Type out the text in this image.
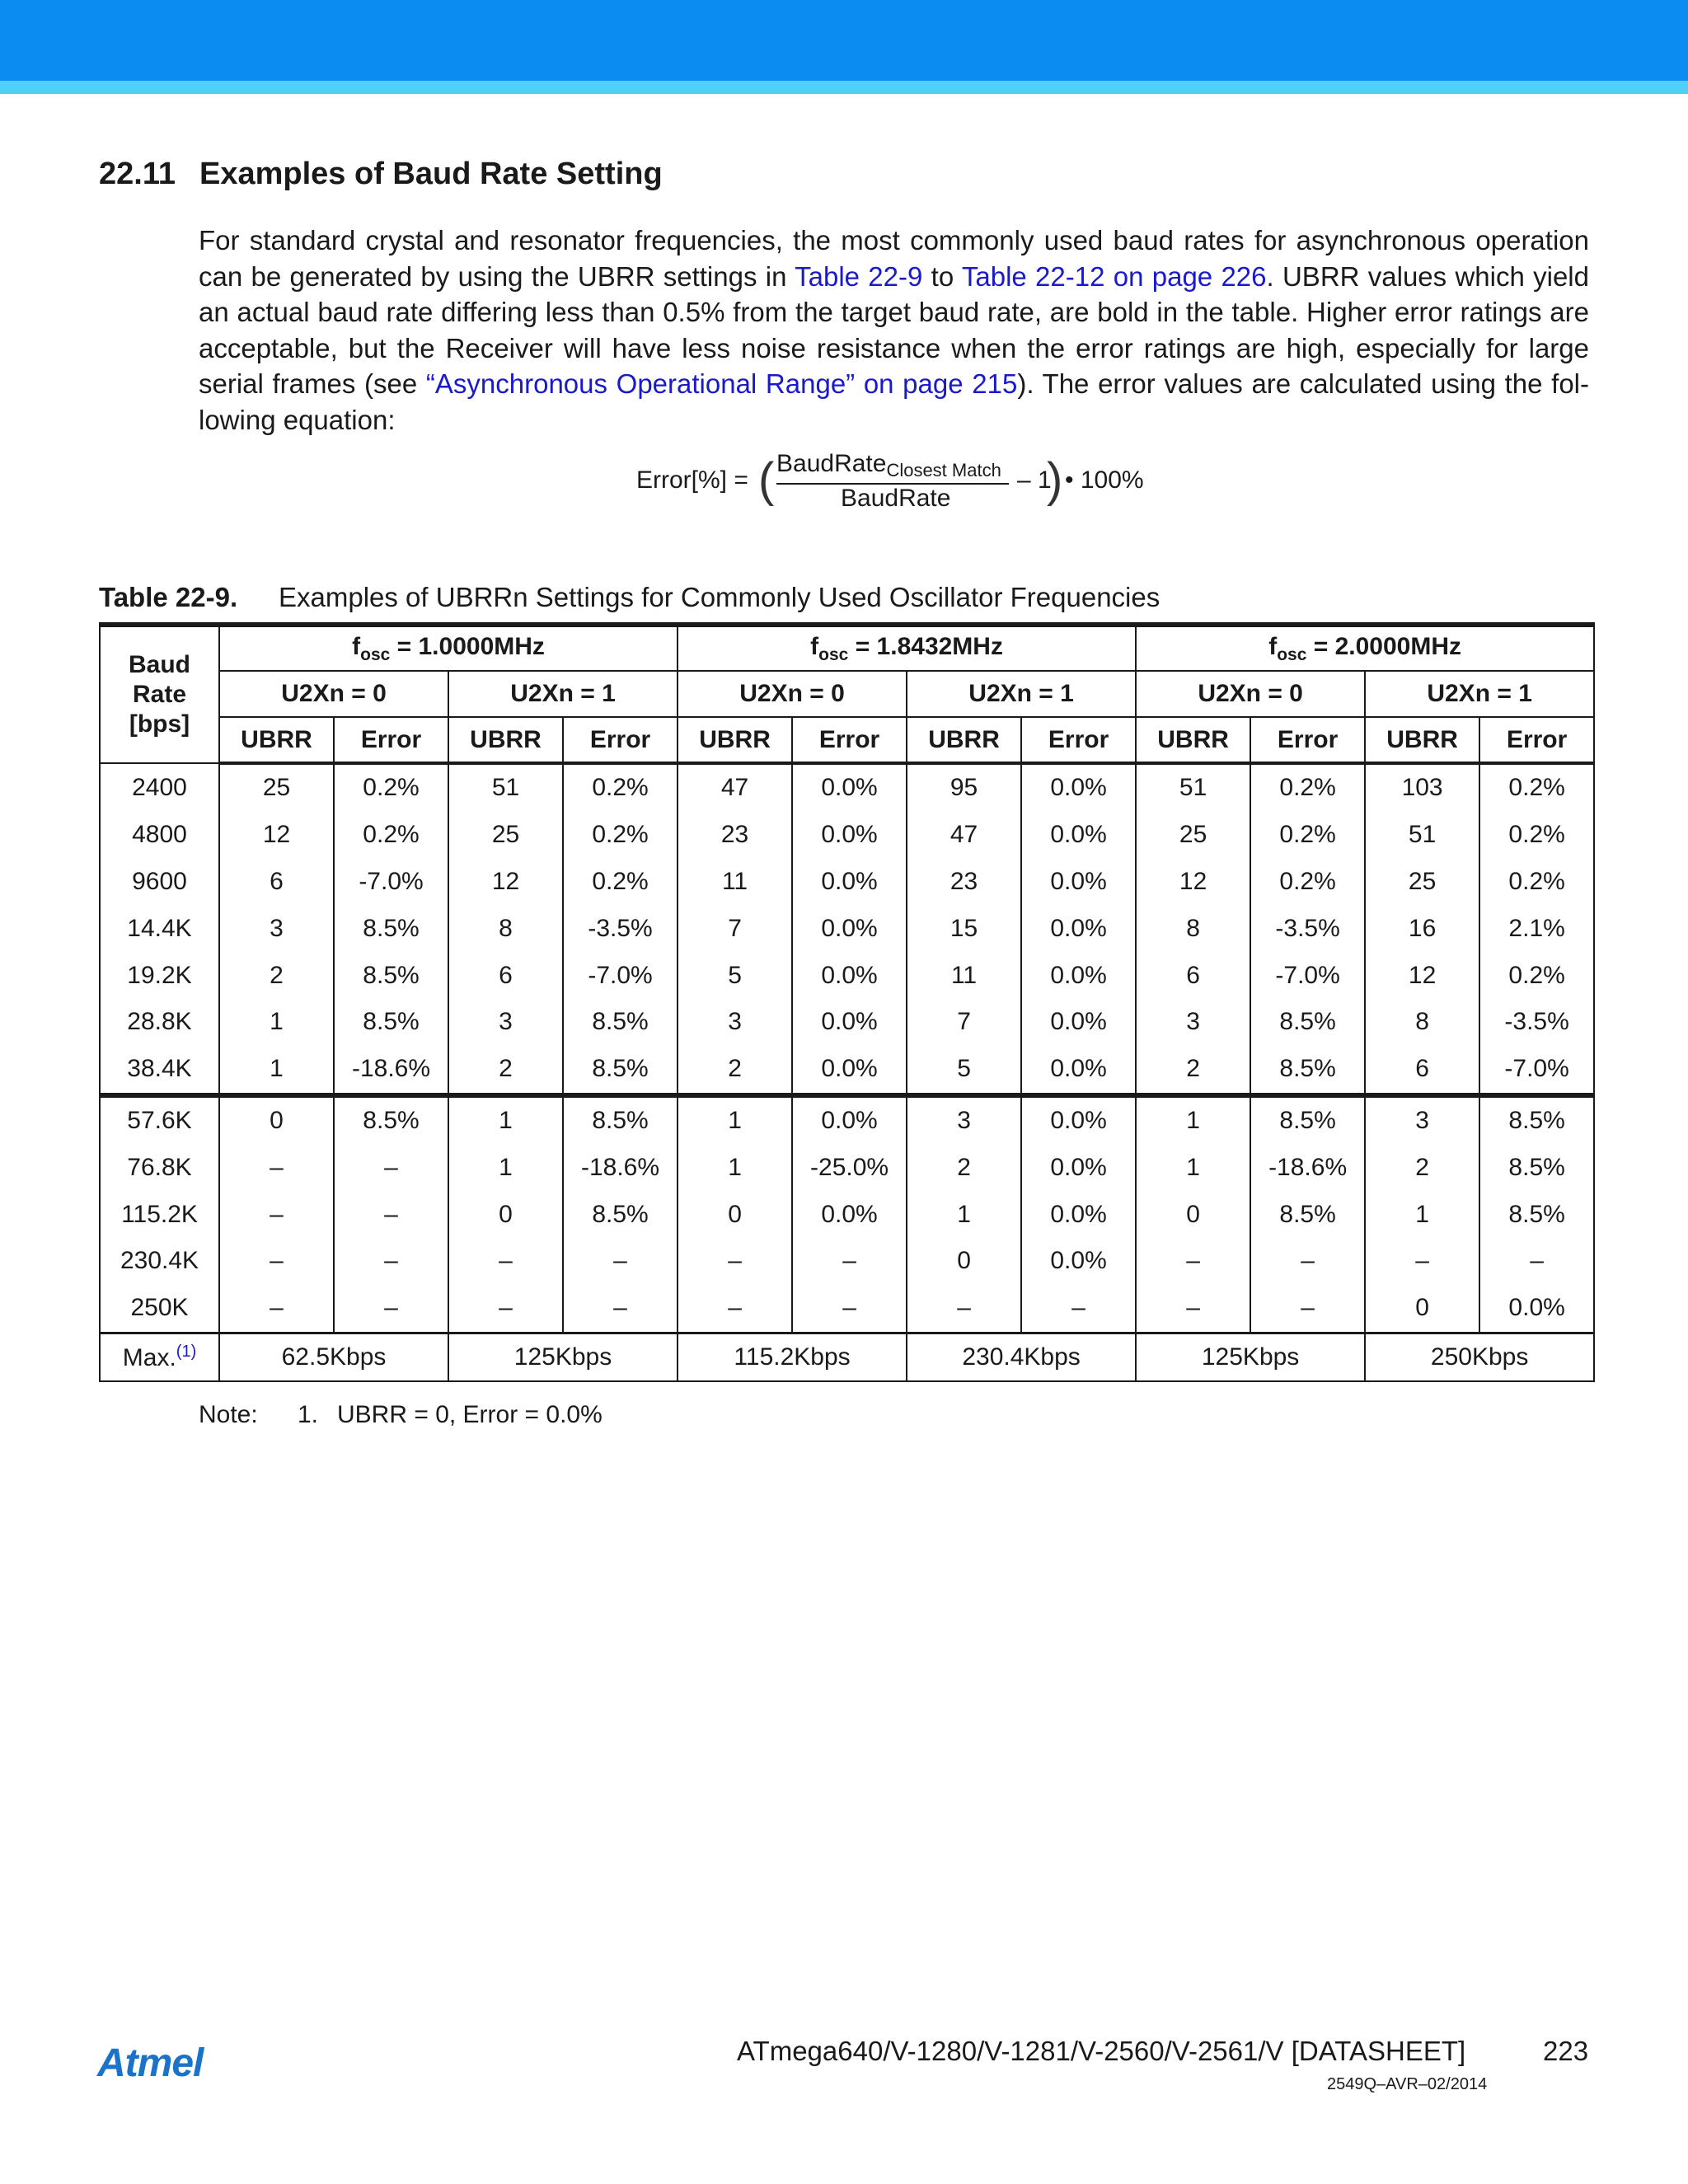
22.11 Examples of Baud Rate Setting
For standard crystal and resonator frequencies, the most commonly used baud rates for asynchronous operation can be generated by using the UBRR settings in Table 22-9 to Table 22-12 on page 226. UBRR values which yield an actual baud rate differing less than 0.5% from the target baud rate, are bold in the table. Higher error ratings are acceptable, but the Receiver will have less noise resistance when the error ratings are high, especially for large serial frames (see “Asynchronous Operational Range” on page 215). The error values are calculated using the fol-lowing equation:
Error[%] = ( BaudRate$_{Closest Match}$
BaudRate
– 1
) • 100%
Table 22-9. Examples of UBRRn Settings for Commonly Used Oscillator Frequencies
Baud
Rate
[bps]	$f_{osc} = 1.0000MHz$				$f_{osc} = 1.8432MHz$				$f_{osc} = 2.0000MHz$			
	U2Xn = 0		U2Xn = 1		U2Xn = 0		U2Xn = 1		U2Xn = 0		U2Xn = 1	
	UBRR	Error	UBRR	Error	UBRR	Error	UBRR	Error	UBRR	Error	UBRR	Error
2400	25	0.2%	51	0.2%	47	0.0%	95	0.0%	51	0.2%	103	0.2%
4800	12	0.2%	25	0.2%	23	0.0%	47	0.0%	25	0.2%	51	0.2%
9600	6	-7.0%	12	0.2%	11	0.0%	23	0.0%	12	0.2%	25	0.2%
14.4K	3	8.5%	8	-3.5%	7	0.0%	15	0.0%	8	-3.5%	16	2.1%
19.2K	2	8.5%	6	-7.0%	5	0.0%	11	0.0%	6	-7.0%	12	0.2%
28.8K	1	8.5%	3	8.5%	3	0.0%	7	0.0%	3	8.5%	8	-3.5%
38.4K	1	-18.6%	2	8.5%	2	0.0%	5	0.0%	2	8.5%	6	-7.0%
57.6K	0	8.5%	1	8.5%	1	0.0%	3	0.0%	1	8.5%	3	8.5%
76.8K	–	–	1	-18.6%	1	-25.0%	2	0.0%	1	-18.6%	2	8.5%
115.2K	–	–	0	8.5%	0	0.0%	1	0.0%	0	8.5%	1	8.5%
230.4K	–	–	–	–	–	–	0	0.0%	–	–	–	–
250K	–	–	–	–	–	–	–	–	–	–	0	0.0%
Max.$^{(1)}$	62.5Kbps		125Kbps		115.2Kbps		230.4Kbps		125Kbps		250Kbps	
Note: 1. UBRR = 0, Error = 0.0%
Atmel	ATmega640/V-1280/V-1281/V-2560/V-2561/V [DATASHEET]	223
2549Q–AVR–02/2014
